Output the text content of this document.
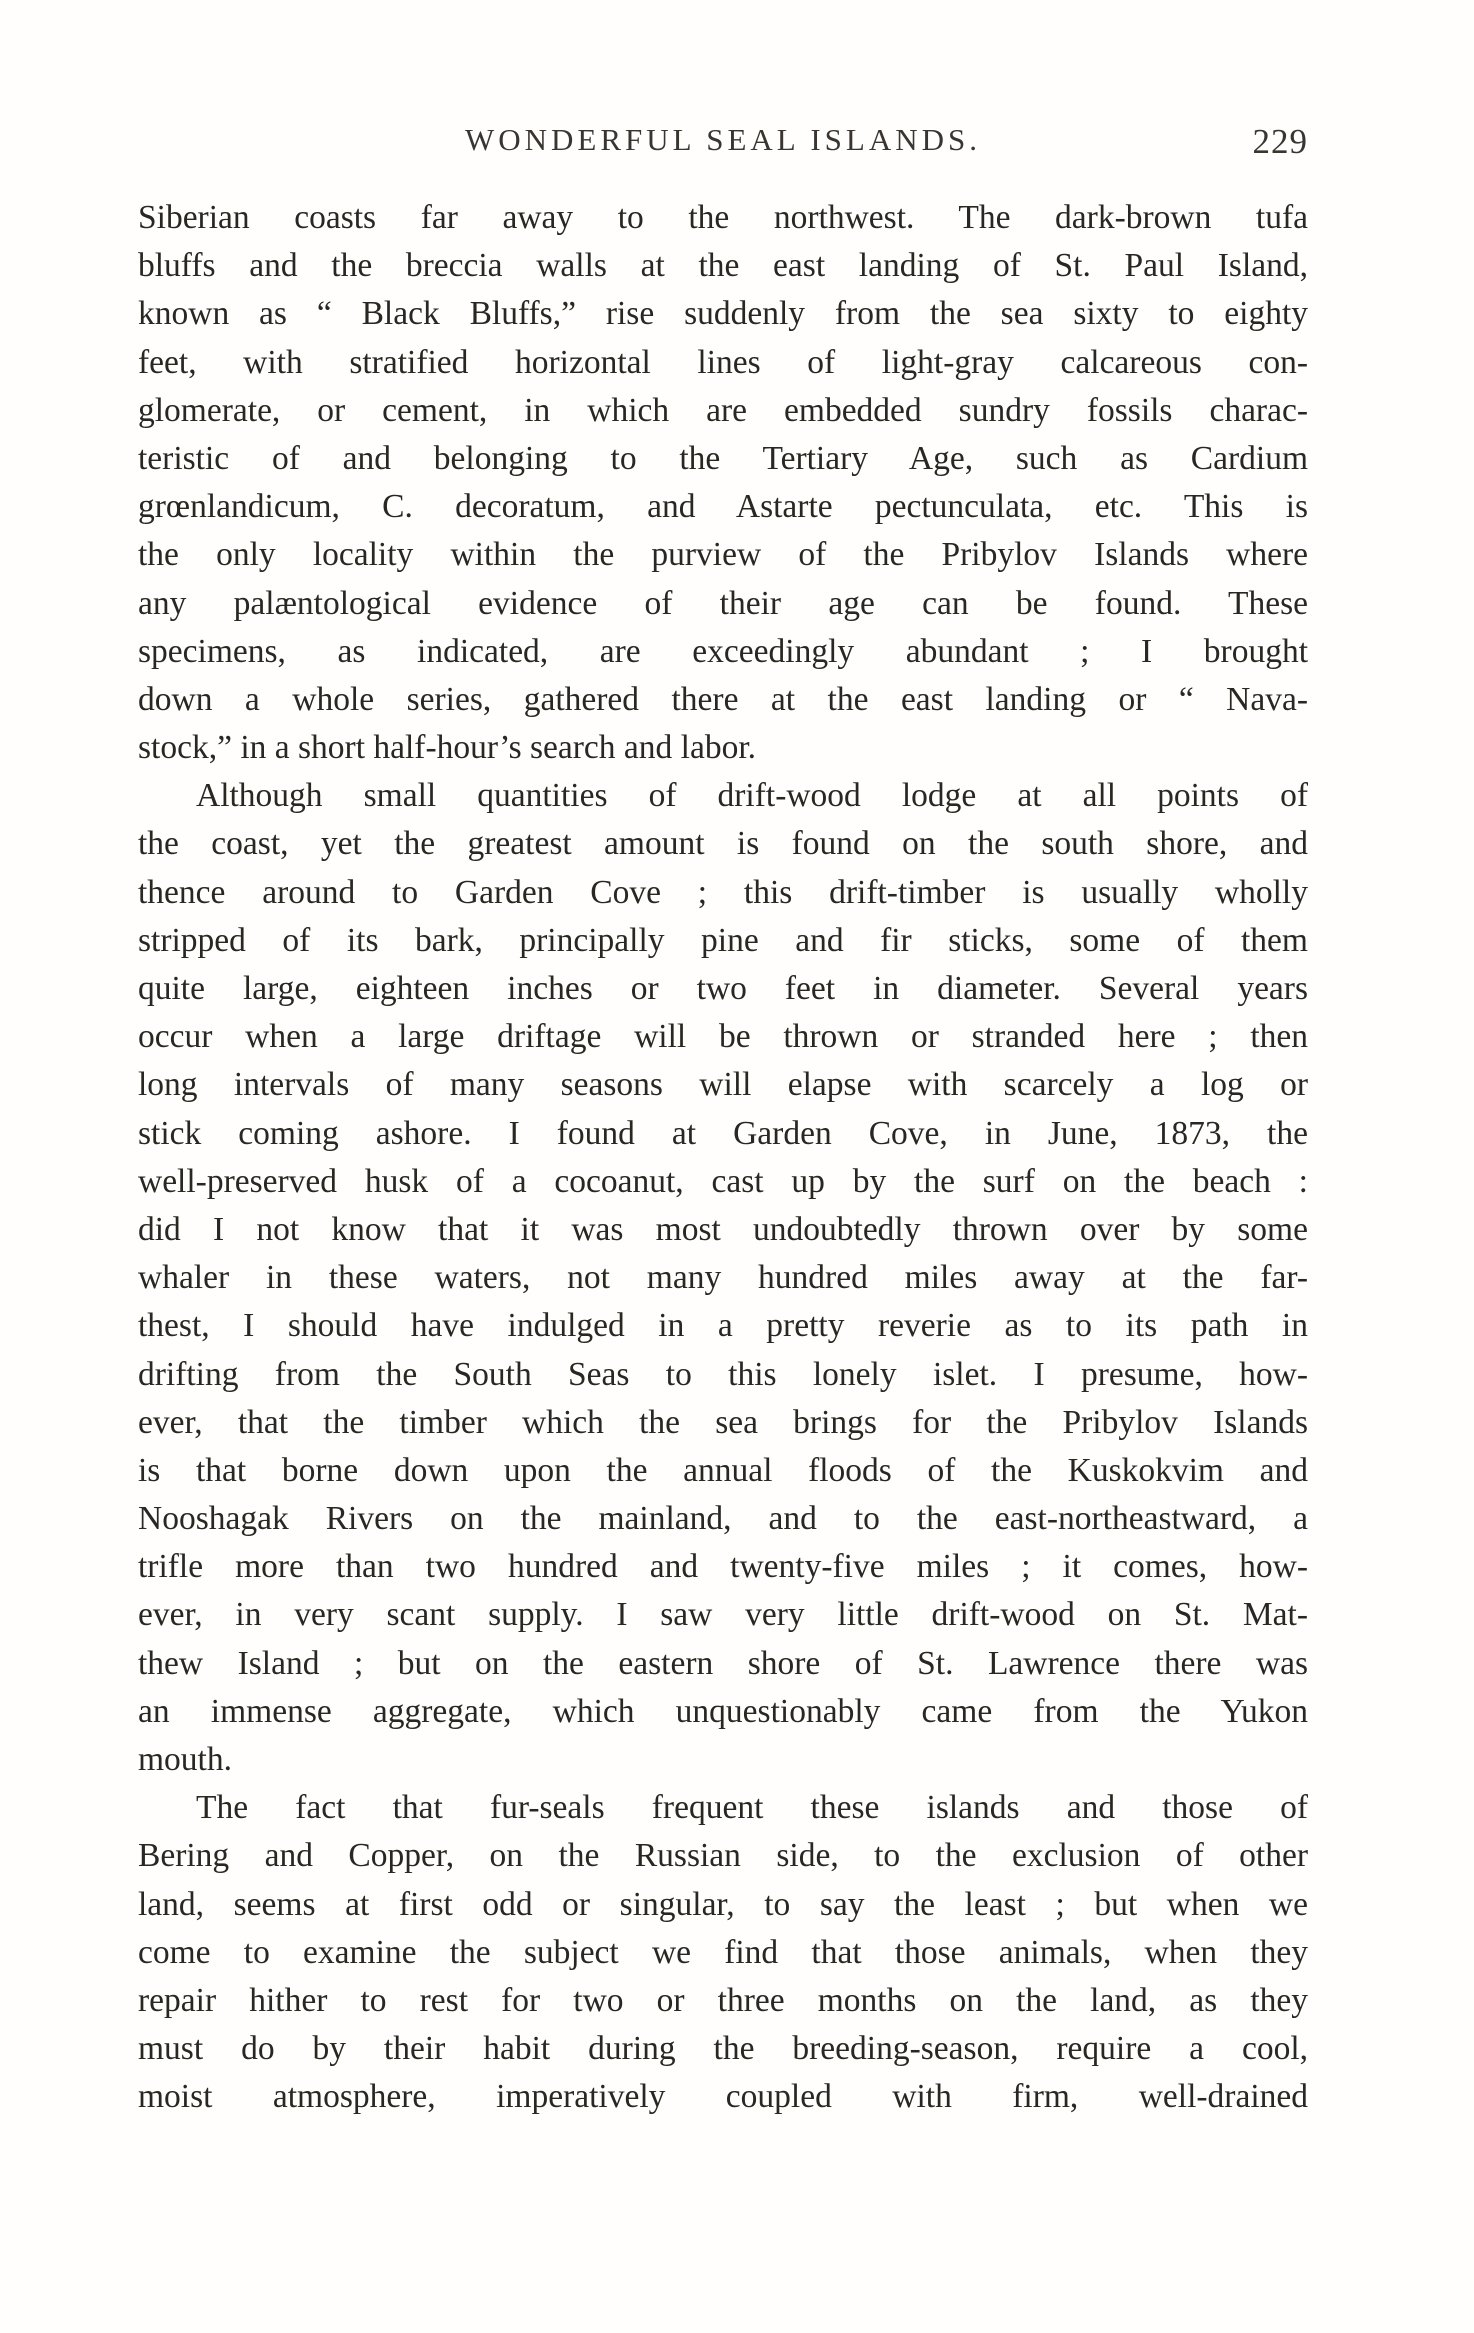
WONDERFUL SEAL ISLANDS.	229
Siberian coasts far away to the northwest. The dark-brown tufa
bluffs and the breccia walls at the east landing of St. Paul Island,
known as “ Black Bluffs,” rise suddenly from the sea sixty to eighty
feet, with stratified horizontal lines of light-gray calcareous con-
glomerate, or cement, in which are embedded sundry fossils charac-
teristic of and belonging to the Tertiary Age, such as Cardium
grœnlandicum, C. decoratum, and Astarte pectunculata, etc. This is
the only locality within the purview of the Pribylov Islands where
any palæntological evidence of their age can be found. These
specimens, as indicated, are exceedingly abundant ; I brought
down a whole series, gathered there at the east landing or “ Nava-
stock,” in a short half-hour’s search and labor.
Although small quantities of drift-wood lodge at all points of
the coast, yet the greatest amount is found on the south shore, and
thence around to Garden Cove ; this drift-timber is usually wholly
stripped of its bark, principally pine and fir sticks, some of them
quite large, eighteen inches or two feet in diameter. Several years
occur when a large driftage will be thrown or stranded here ; then
long intervals of many seasons will elapse with scarcely a log or
stick coming ashore. I found at Garden Cove, in June, 1873, the
well-preserved husk of a cocoanut, cast up by the surf on the beach :
did I not know that it was most undoubtedly thrown over by some
whaler in these waters, not many hundred miles away at the far-
thest, I should have indulged in a pretty reverie as to its path in
drifting from the South Seas to this lonely islet. I presume, how-
ever, that the timber which the sea brings for the Pribylov Islands
is that borne down upon the annual floods of the Kuskokvim and
Nooshagak Rivers on the mainland, and to the east-northeastward, a
trifle more than two hundred and twenty-five miles ; it comes, how-
ever, in very scant supply. I saw very little drift-wood on St. Mat-
thew Island ; but on the eastern shore of St. Lawrence there was
an immense aggregate, which unquestionably came from the Yukon
mouth.
The fact that fur-seals frequent these islands and those of
Bering and Copper, on the Russian side, to the exclusion of other
land, seems at first odd or singular, to say the least ; but when we
come to examine the subject we find that those animals, when they
repair hither to rest for two or three months on the land, as they
must do by their habit during the breeding-season, require a cool,
moist atmosphere, imperatively coupled with firm, well-drained
